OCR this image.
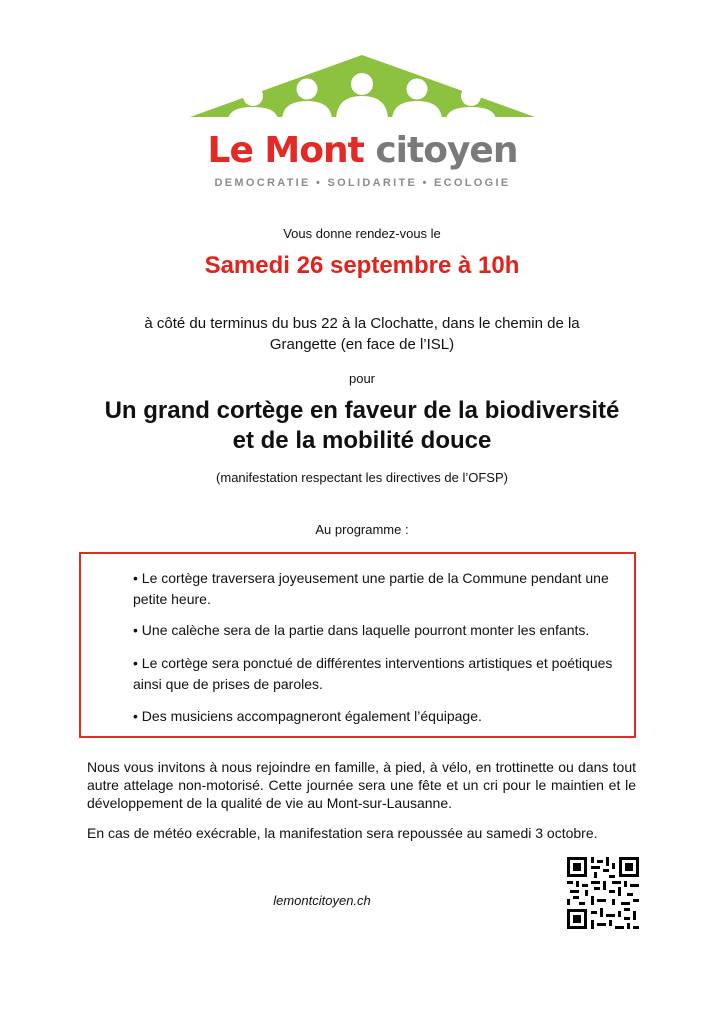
Le Mont citoyen
DEMOCRATIE • SOLIDARITE • ECOLOGIE
Vous donne rendez-vous le
Samedi 26 septembre à 10h
à côté du terminus du bus 22 à la Clochatte, dans le chemin de la
Grangette (en face de l’ISL)
pour
Un grand cortège en faveur de la biodiversité
et de la mobilité douce
(manifestation respectant les directives de l’OFSP)
Au programme :

• Le cortège traversera joyeusement une partie de la Commune pendant une petite heure.

• Une calèche sera de la partie dans laquelle pourront monter les enfants.

• Le cortège sera ponctué de différentes interventions artistiques et poétiques ainsi que de prises de paroles.

• Des musiciens accompagneront également l’équipage.

Nous vous invitons à nous rejoindre en famille, à pied, à vélo, en trottinette ou dans tout autre attelage non-motorisé. Cette journée sera une fête et un cri pour le maintien et le développement de la qualité de vie au Mont-sur-Lausanne.

En cas de météo exécrable, la manifestation sera repoussée au samedi 3 octobre.

lemontcitoyen.ch
